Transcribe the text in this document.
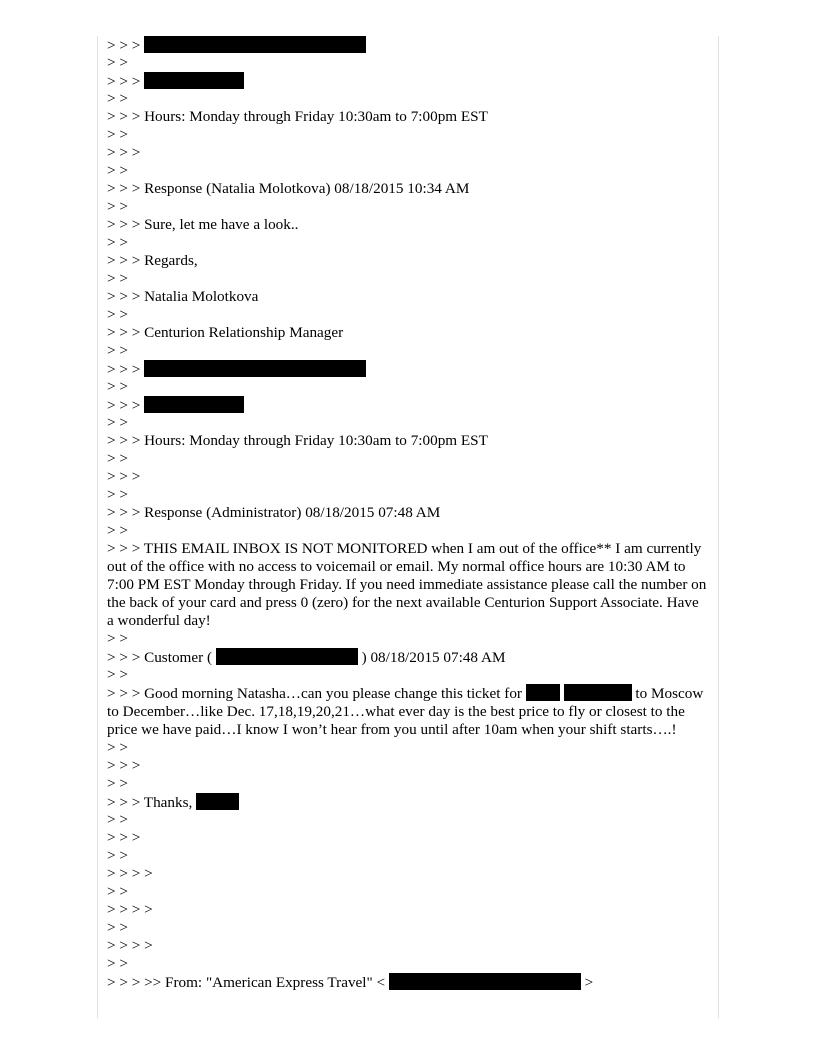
> > >
> >
> > >
> >
> > > Hours: Monday through Friday 10:30am to 7:00pm EST
> >
> > >
> >
> > > Response (Natalia Molotkova) 08/18/2015 10:34 AM
> >
> > > Sure, let me have a look..
> >
> > > Regards,
> >
> > > Natalia Molotkova
> >
> > > Centurion Relationship Manager
> >
> > >
> >
> > >
> >
> > > Hours: Monday through Friday 10:30am to 7:00pm EST
> >
> > >
> >
> > > Response (Administrator) 08/18/2015 07:48 AM
> >
> > > THIS EMAIL INBOX IS NOT MONITORED when I am out of the office** I am currently out of the office with no access to voicemail or email. My normal office hours are 10:30 AM to 7:00 PM EST Monday through Friday. If you need immediate assistance please call the number on the back of your card and press 0 (zero) for the next available Centurion Support Associate. Have a wonderful day!
> >
> > > Customer (	) 08/18/2015 07:48 AM
> >
> > > Good morning Natasha…can you please change this ticket for	to Moscow to December…like Dec. 17,18,19,20,21…what ever day is the best price to fly or closest to the price we have paid…I know I won’t hear from you until after 10am when your shift starts….!
> >
> > >
> >
> > > Thanks,
> >
> > >
> >
> > > >
> >
> > > >
> >
> > > >
> >
> > > >> From: "American Express Travel" <	>
